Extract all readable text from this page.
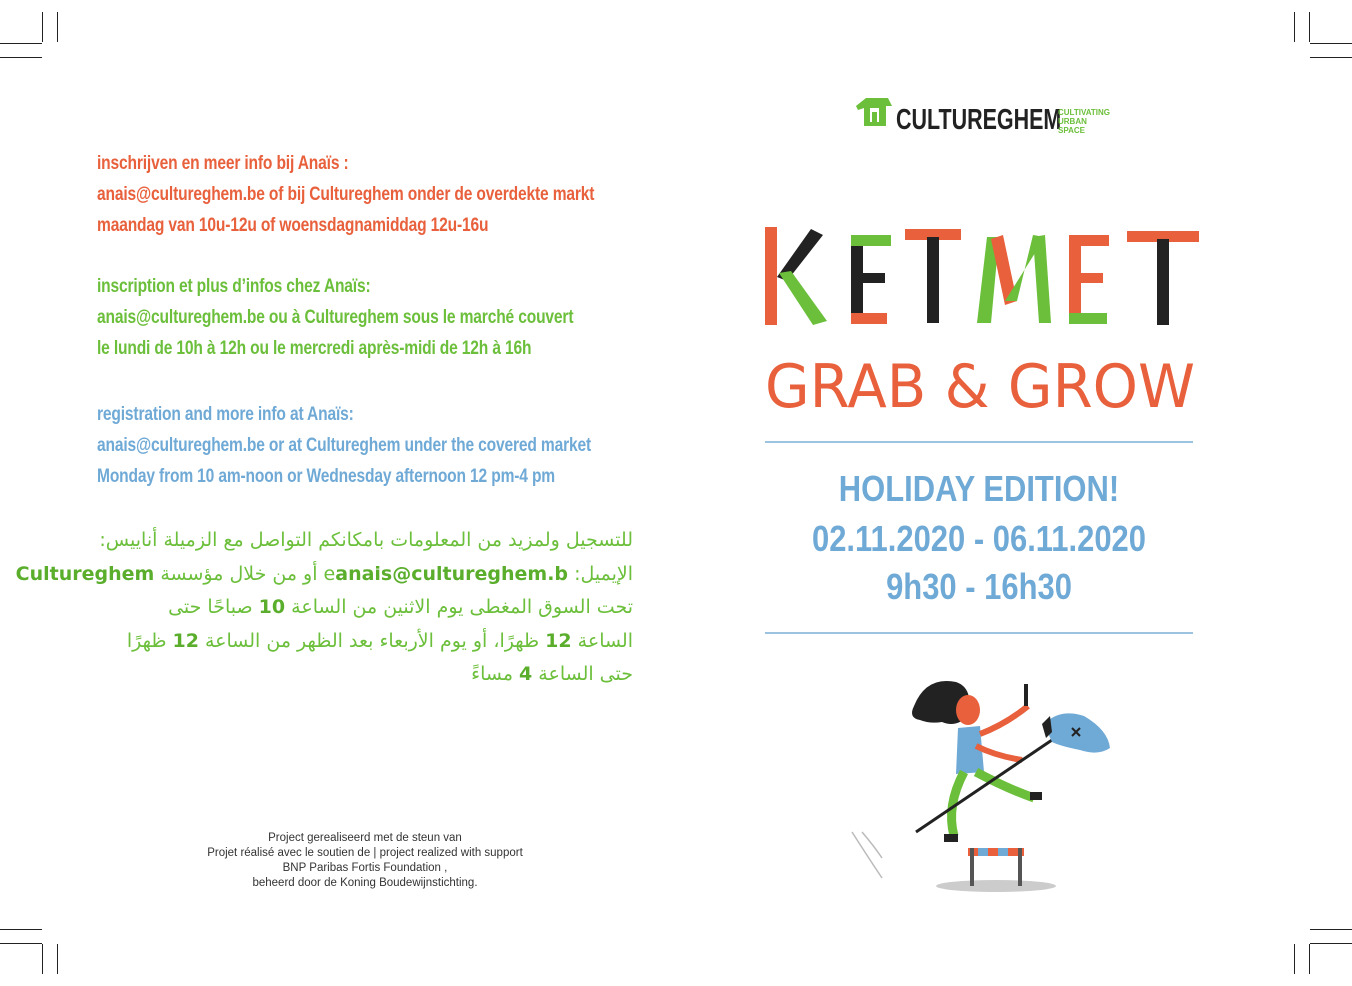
inschrijven en meer info bij Anaïs :
anais@cultureghem.be of bij Cultureghem onder de overdekte markt
maandag van 10u-12u of woensdagnamiddag 12u-16u
inscription et plus d’infos chez Anaïs:
anais@cultureghem.be ou à Cultureghem sous le marché couvert
le lundi de 10h à 12h ou le mercredi après-midi de 12h à 16h
registration and more info at Anaïs:
anais@cultureghem.be or at Cultureghem under the covered market
Monday from 10 am-noon or Wednesday afternoon 12 pm-4 pm
للتسجيل ولمزيد من المعلومات بامكانكم التواصل مع الزميلة أناييس:
الإيميل: anais@cultureghem.be أو من خلال مؤسسة Cultureghem
تحت السوق المغطى يوم الاثنين من الساعة 10 صباحًا حتى
الساعة 12 ظهرًا، أو يوم الأربعاء بعد الظهر من الساعة 12 ظهرًا
حتى الساعة 4 مساءً
Project gerealiseerd met de steun van
Projet réalisé avec le soutien de | project realized with support
BNP Paribas Fortis Foundation ,
beheerd door de Koning Boudewijnstichting.
CULTUREGHEM
CULTIVATING
URBAN
SPACE
GRAB & GROW
HOLIDAY EDITION!
02.11.2020 - 06.11.2020
9h30 - 16h30
